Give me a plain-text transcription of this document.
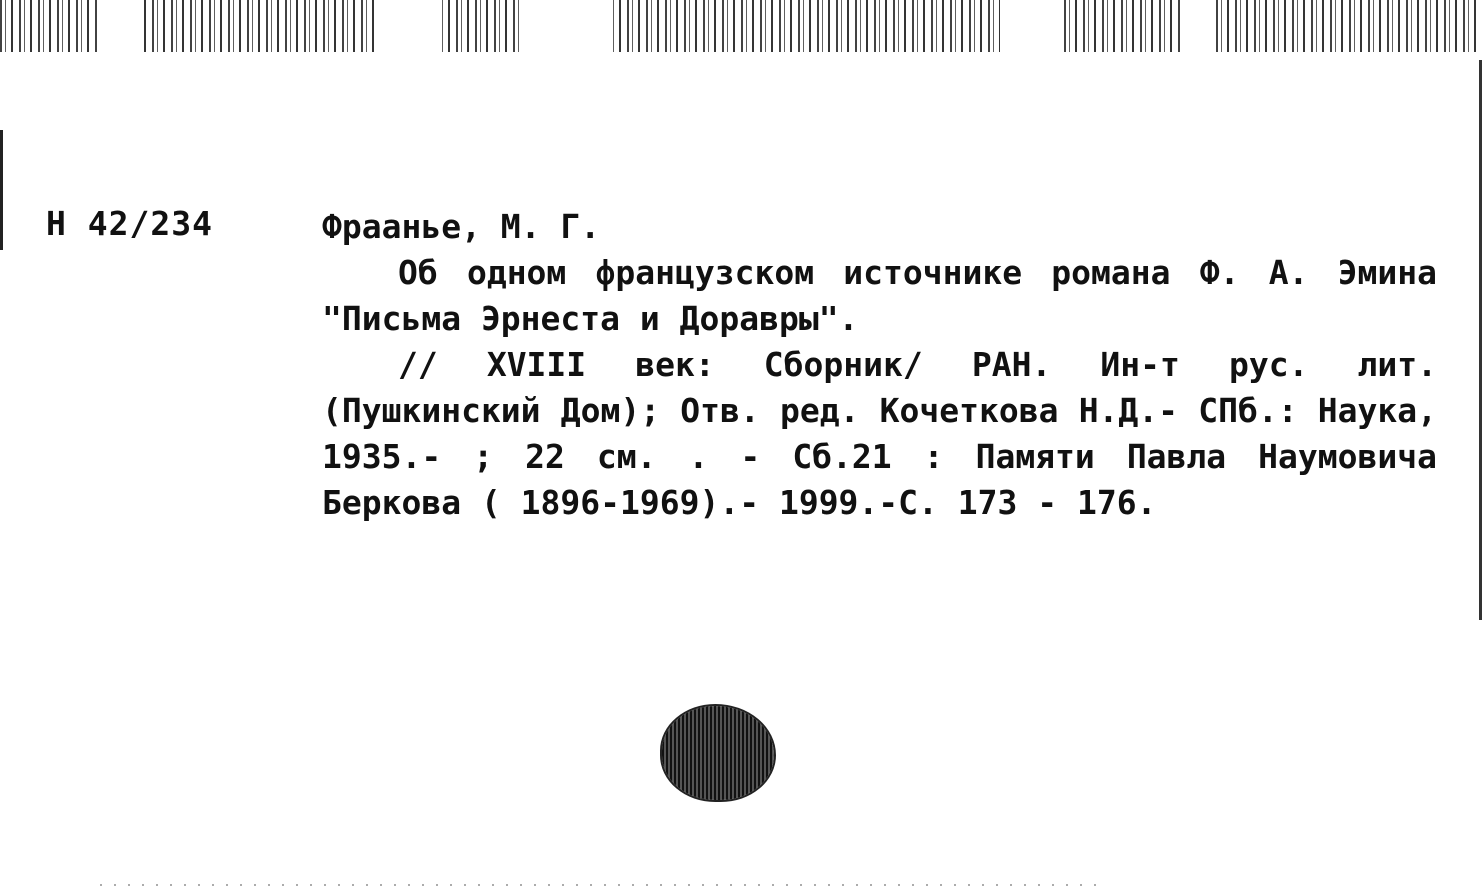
Н 42/234	Фраанье, М. Г.
Об одном французском источнике романа Ф. А. Эмина "Письма Эрнеста и Доравры".
// XVIII век: Сборник/ РАН. Ин-т рус. лит. (Пушкинский Дом); Отв. ред. Кочеткова Н.Д.- СПб.: Наука, 1935.- ; 22 см. . - Сб.21 : Памяти Павла Наумовича Беркова ( 1896-1969).- 1999.-С. 173 - 176.
